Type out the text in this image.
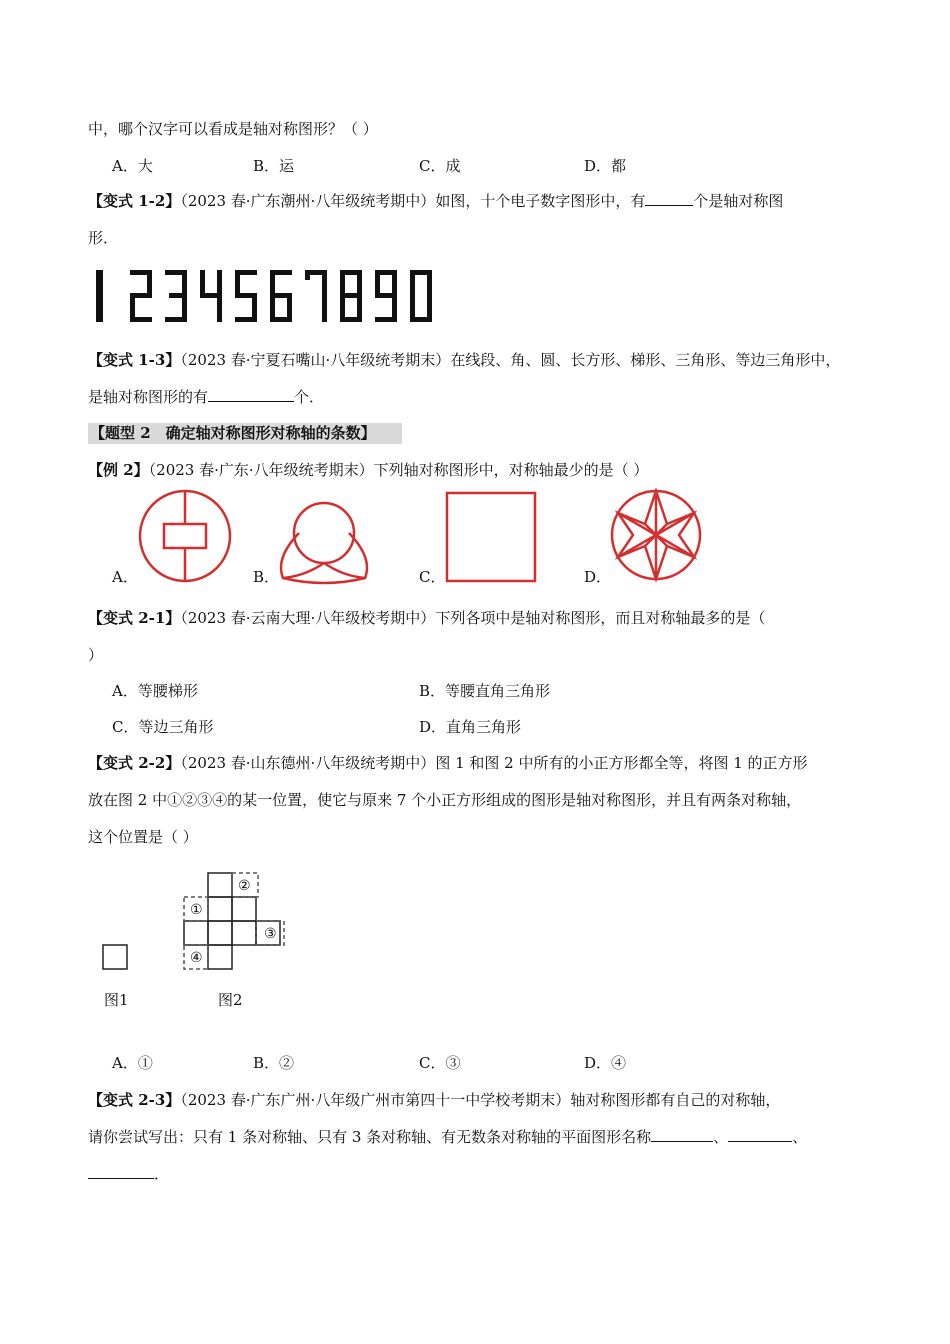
中，哪个汉字可以看成是轴对称图形？（ ）
A．大	B．运	C．成	D．都
【变式 1-2】（2023 春·广东潮州·八年级统考期中）如图，十个电子数字图形中，有	个是轴对称图
形．
【变式 1-3】（2023 春·宁夏石嘴山·八年级统考期末）在线段、角、圆、长方形、梯形、三角形、等边三角形中，
是轴对称图形的有	个．
【题型 2　确定轴对称图形对称轴的条数】
【例 2】（2023 春·广东·八年级统考期末）下列轴对称图形中，对称轴最少的是（ ）
A．	B．	C．	D．
【变式 2-1】（2023 春·云南大理·八年级校考期中）下列各项中是轴对称图形，而且对称轴最多的是（
）
A．等腰梯形	B．等腰直角三角形
C．等边三角形	D．直角三角形
【变式 2-2】（2023 春·山东德州·八年级统考期中）图 1 和图 2 中所有的小正方形都全等，将图 1 的正方形
放在图 2 中①②③④的某一位置，使它与原来 7 个小正方形组成的图形是轴对称图形，并且有两条对称轴，
这个位置是（ ）
①
②
③
④
图1	图2
A．①	B．②	C．③	D．④
【变式 2-3】（2023 春·广东广州·八年级广州市第四十一中学校考期末）轴对称图形都有自己的对称轴，
请你尝试写出：只有 1 条对称轴、只有 3 条对称轴、有无数条对称轴的平面图形名称	、	、
．
